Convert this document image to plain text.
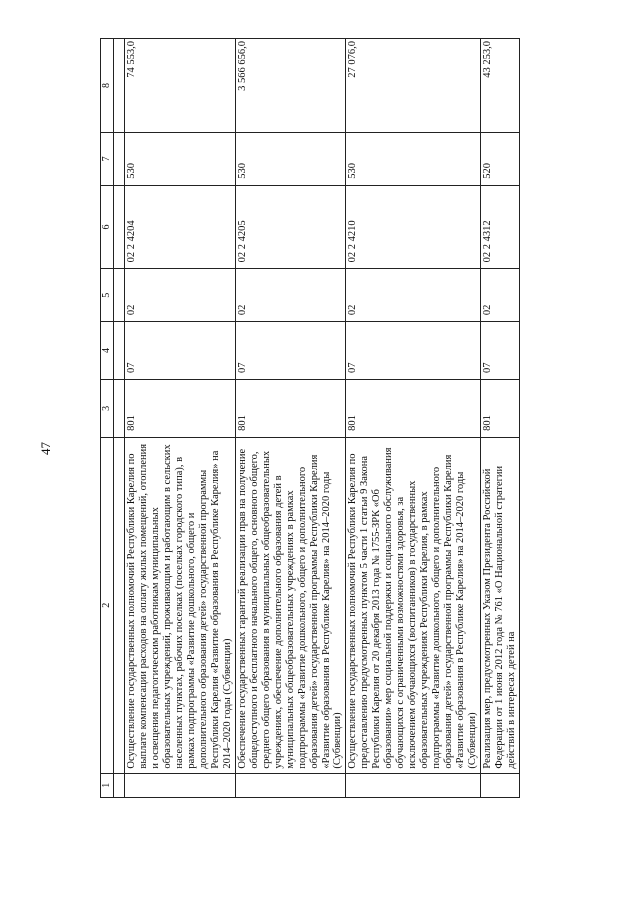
47
1	2	3	4	5	6	7	8

	Осуществление государственных полномочий Республики Карелия по выплате компенсации расходов на оплату жилых помещений, отопления и освещения педагогическим работникам муниципальных образовательных учреждений, проживающим и работающим в сельских населенных пунктах, рабочих поселках (поселках городского типа), в рамках подпрограммы «Развитие дошкольного, общего и дополнительного образования детей» государственной программы Республики Карелия «Развитие образования в Республике Карелия» на 2014–2020 годы (Субвенции)	801	07	02	02 2 4204	530	74 553,0
	Обеспечение государственных гарантий реализации прав на получение общедоступного и бесплатного начального общего, основного общего, среднего общего образования в муниципальных общеобразовательных учреждениях, обеспечение дополнительного образования детей в муниципальных общеобразовательных учреждениях в рамках подпрограммы «Развитие дошкольного, общего и дополнительного образования детей» государственной программы Республики Карелия «Развитие образования в Республике Карелия» на 2014–2020 годы (Субвенции)	801	07	02	02 2 4205	530	3 566 656,0
	Осуществление государственных полномочий Республики Карелия по предоставлению предусмотренных пунктом 5 части 1 статьи 9 Закона Республики Карелия от 20 декабря 2013 года № 1755-ЗРК «Об образовании» мер социальной поддержки и социального обслуживания обучающихся с ограниченными возможностями здоровья, за исключением обучающихся (воспитанников) в государственных образовательных учреждениях Республики Карелия, в рамках подпрограммы «Развитие дошкольного, общего и дополнительного образования детей» государственной программы Республики Карелия «Развитие образования в Республике Карелия» на 2014–2020 годы (Субвенции)	801	07	02	02 2 4210	530	27 076,0
	Реализация мер, предусмотренных Указом Президента Российской Федерации от 1 июня 2012 года № 761 «О Национальной стратегии действий в интересах детей на	801	07	02	02 2 4312	520	43 253,0
